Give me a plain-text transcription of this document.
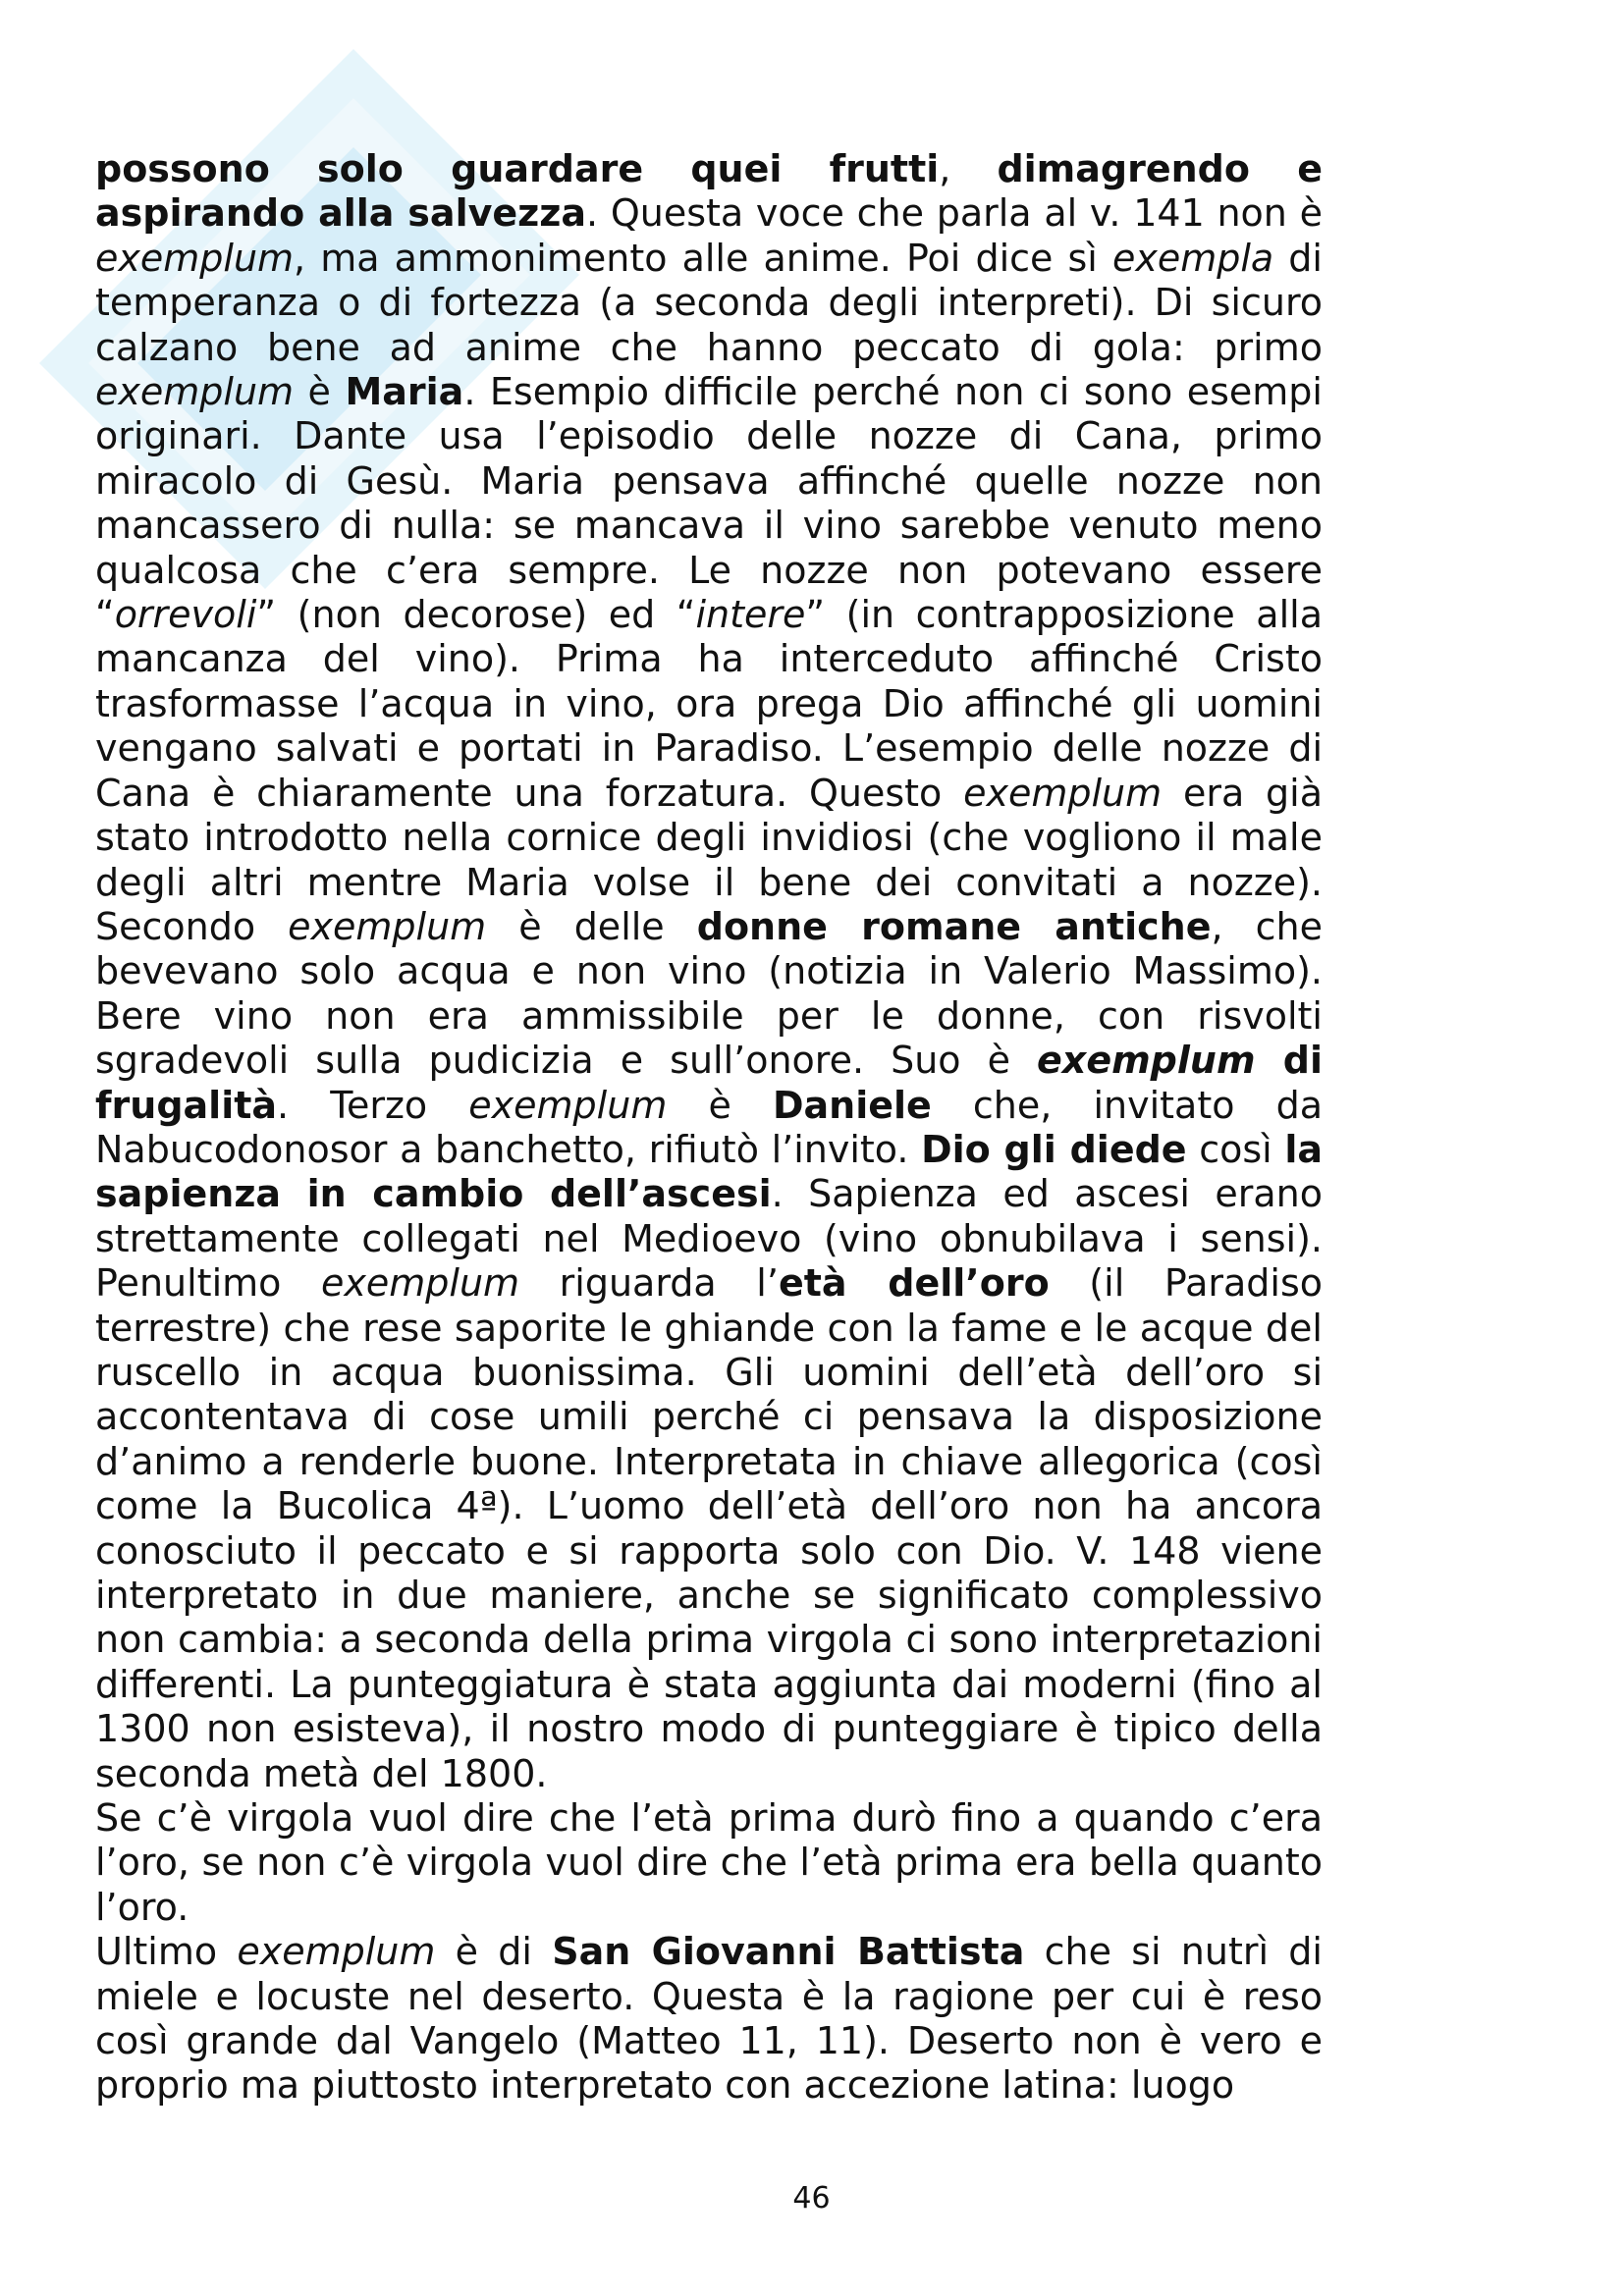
possono solo guardare quei frutti, dimagrendo e aspirando alla salvezza. Questa voce che parla al v. 141 non è exemplum, ma ammonimento alle anime. Poi dice sì exempla di temperanza o di fortezza (a seconda degli interpreti). Di sicuro calzano bene ad anime che hanno peccato di gola: primo exemplum è Maria. Esempio difficile perché non ci sono esempi originari. Dante usa l’episodio delle nozze di Cana, primo miracolo di Gesù. Maria pensava affinché quelle nozze non mancassero di nulla: se mancava il vino sarebbe venuto meno qualcosa che c’era sempre. Le nozze non potevano essere “orrevoli” (non decorose) ed “intere” (in contrapposizione alla mancanza del vino). Prima ha interceduto affinché Cristo trasformasse l’acqua in vino, ora prega Dio affinché gli uomini vengano salvati e portati in Paradiso. L’esempio delle nozze di Cana è chiaramente una forzatura. Questo exemplum era già stato introdotto nella cornice degli invidiosi (che vogliono il male degli altri mentre Maria volse il bene dei convitati a nozze). Secondo exemplum è delle donne romane antiche, che bevevano solo acqua e non vino (notizia in Valerio Massimo). Bere vino non era ammissibile per le donne, con risvolti sgradevoli sulla pudicizia e sull’onore. Suo è exemplum di frugalità. Terzo exemplum è Daniele che, invitato da Nabucodonosor a banchetto, rifiutò l’invito. Dio gli diede così la sapienza in cambio dell’ascesi. Sapienza ed ascesi erano strettamente collegati nel Medioevo (vino obnubilava i sensi). Penultimo exemplum riguarda l’età dell’oro (il Paradiso terrestre) che rese saporite le ghiande con la fame e le acque del ruscello in acqua buonissima. Gli uomini dell’età dell’oro si accontentava di cose umili perché ci pensava la disposizione d’animo a renderle buone. Interpretata in chiave allegorica (così come la Bucolica 4ª). L’uomo dell’età dell’oro non ha ancora conosciuto il peccato e si rapporta solo con Dio. V. 148 viene interpretato in due maniere, anche se significato complessivo non cambia: a seconda della prima virgola ci sono interpretazioni differenti. La punteggiatura è stata aggiunta dai moderni (fino al 1300 non esisteva), il nostro modo di punteggiare è tipico della seconda metà del 1800.

Se c’è virgola vuol dire che l’età prima durò fino a quando c’era l’oro, se non c’è virgola vuol dire che l’età prima era bella quanto l’oro.

Ultimo exemplum è di San Giovanni Battista che si nutrì di miele e locuste nel deserto. Questa è la ragione per cui è reso così grande dal Vangelo (Matteo 11, 11). Deserto non è vero e proprio ma piuttosto interpretato con accezione latina: luogo

46
